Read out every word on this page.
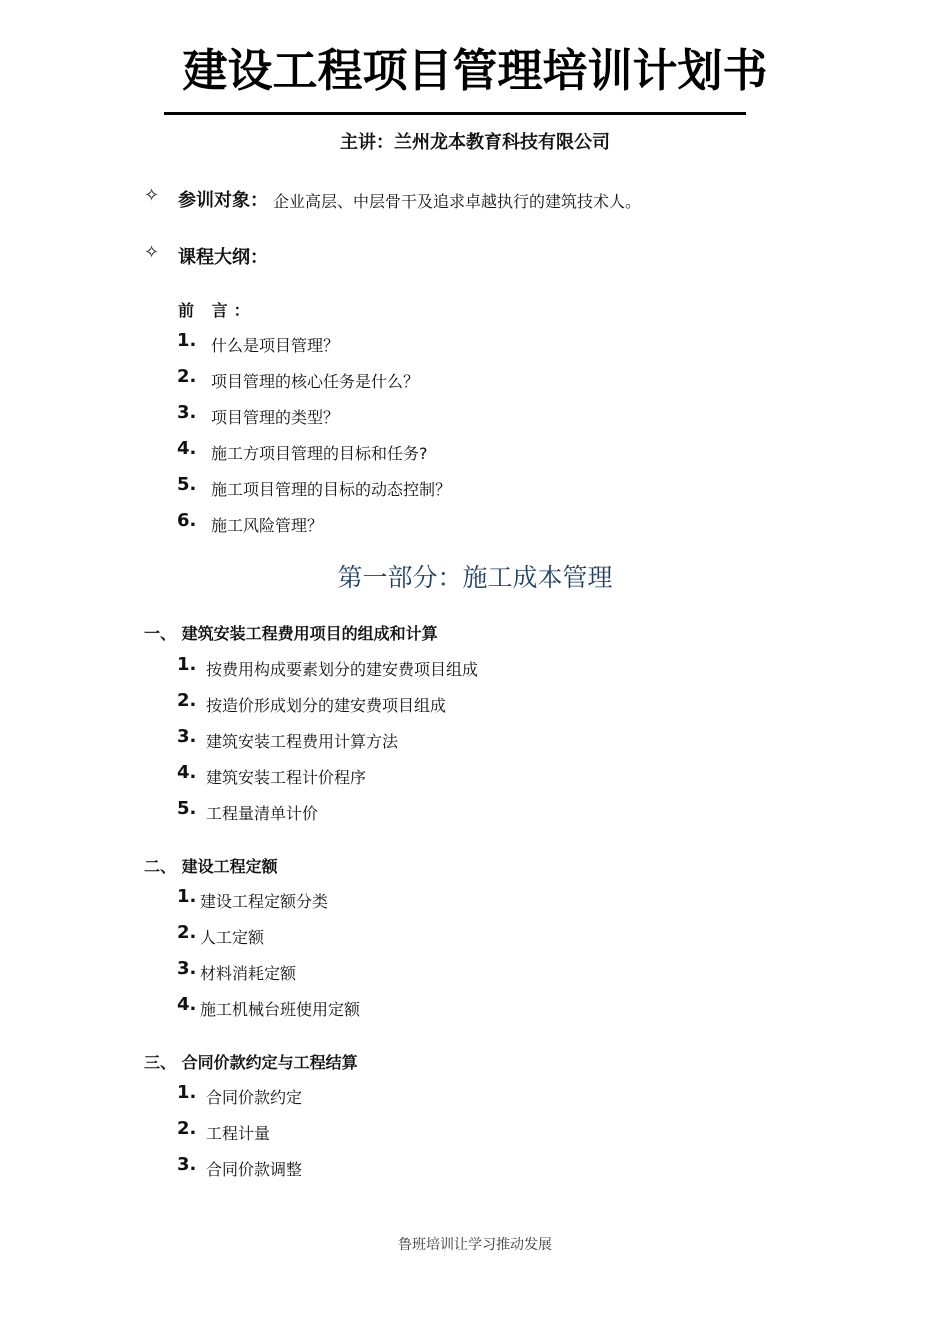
建设工程项目管理培训计划书
主讲：兰州龙本教育科技有限公司
✧ 参训对象： 企业高层、中层骨干及追求卓越执行的建筑技术人。
✧ 课程大纲：
前 言：
1. 什么是项目管理？
2. 项目管理的核心任务是什么？
3. 项目管理的类型？
4. 施工方项目管理的目标和任务?
5. 施工项目管理的目标的动态控制？
6. 施工风险管理？
第一部分：施工成本管理
一、 建筑安装工程费用项目的组成和计算
1. 按费用构成要素划分的建安费项目组成
2. 按造价形成划分的建安费项目组成
3. 建筑安装工程费用计算方法
4. 建筑安装工程计价程序
5. 工程量清单计价
二、 建设工程定额
1. 建设工程定额分类
2. 人工定额
3. 材料消耗定额
4. 施工机械台班使用定额
三、 合同价款约定与工程结算
1. 合同价款约定
2. 工程计量
3. 合同价款调整
鲁班培训让学习推动发展
